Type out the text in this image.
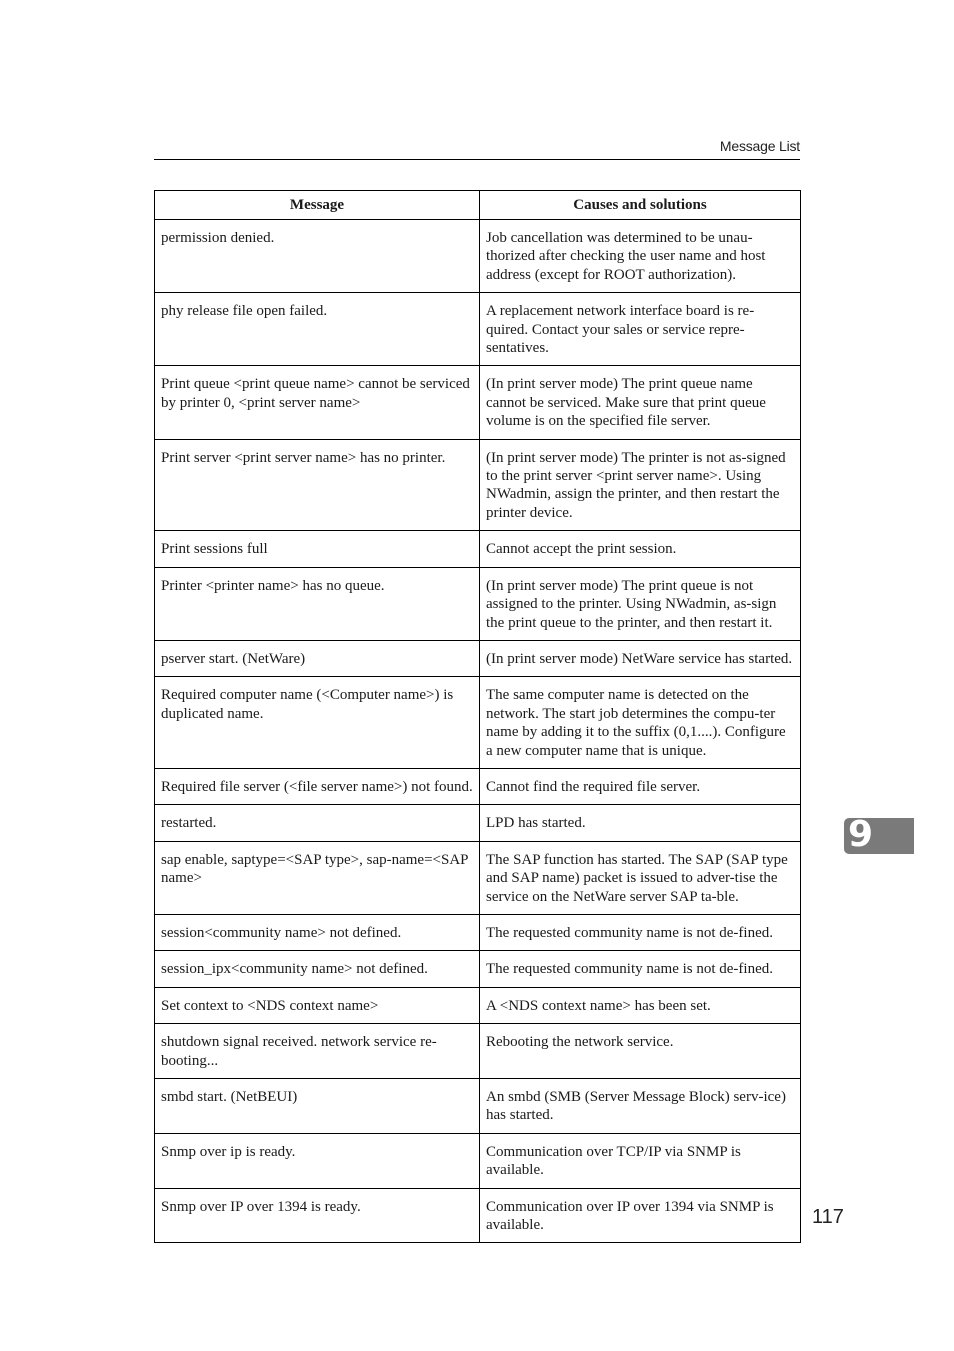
Message List
Message	Causes and solutions
permission denied.	Job cancellation was determined to be unau-thorized after checking the user name and host address (except for ROOT authorization).
phy release file open failed.	A replacement network interface board is re-quired. Contact your sales or service repre-sentatives.
Print queue <print queue name> cannot be serviced by printer 0, <print server name>	(In print server mode) The print queue name cannot be serviced. Make sure that print queue volume is on the specified file server.
Print server <print server name> has no printer.	(In print server mode) The printer is not as-signed to the print server <print server name>. Using NWadmin, assign the printer, and then restart the printer device.
Print sessions full	Cannot accept the print session.
Printer <printer name> has no queue.	(In print server mode) The print queue is not assigned to the printer. Using NWadmin, as-sign the print queue to the printer, and then restart it.
pserver start. (NetWare)	(In print server mode) NetWare service has started.
Required computer name (<Computer name>) is duplicated name.	The same computer name is detected on the network. The start job determines the compu-ter name by adding it to the suffix (0,1....). Configure a new computer name that is unique.
Required file server (<file server name>) not found.	Cannot find the required file server.
restarted.	LPD has started.
sap enable, saptype=<SAP type>, sap-name=<SAP name>	The SAP function has started. The SAP (SAP type and SAP name) packet is issued to adver-tise the service on the NetWare server SAP ta-ble.
session<community name> not defined.	The requested community name is not de-fined.
session_ipx<community name> not defined.	The requested community name is not de-fined.
Set context to <NDS context name>	A <NDS context name> has been set.
shutdown signal received. network service re-booting...	Rebooting the network service.
smbd start. (NetBEUI)	An smbd (SMB (Server Message Block) serv-ice) has started.
Snmp over ip is ready.	Communication over TCP/IP via SNMP is available.
Snmp over IP over 1394 is ready.	Communication over IP over 1394 via SNMP is available.
9
117
